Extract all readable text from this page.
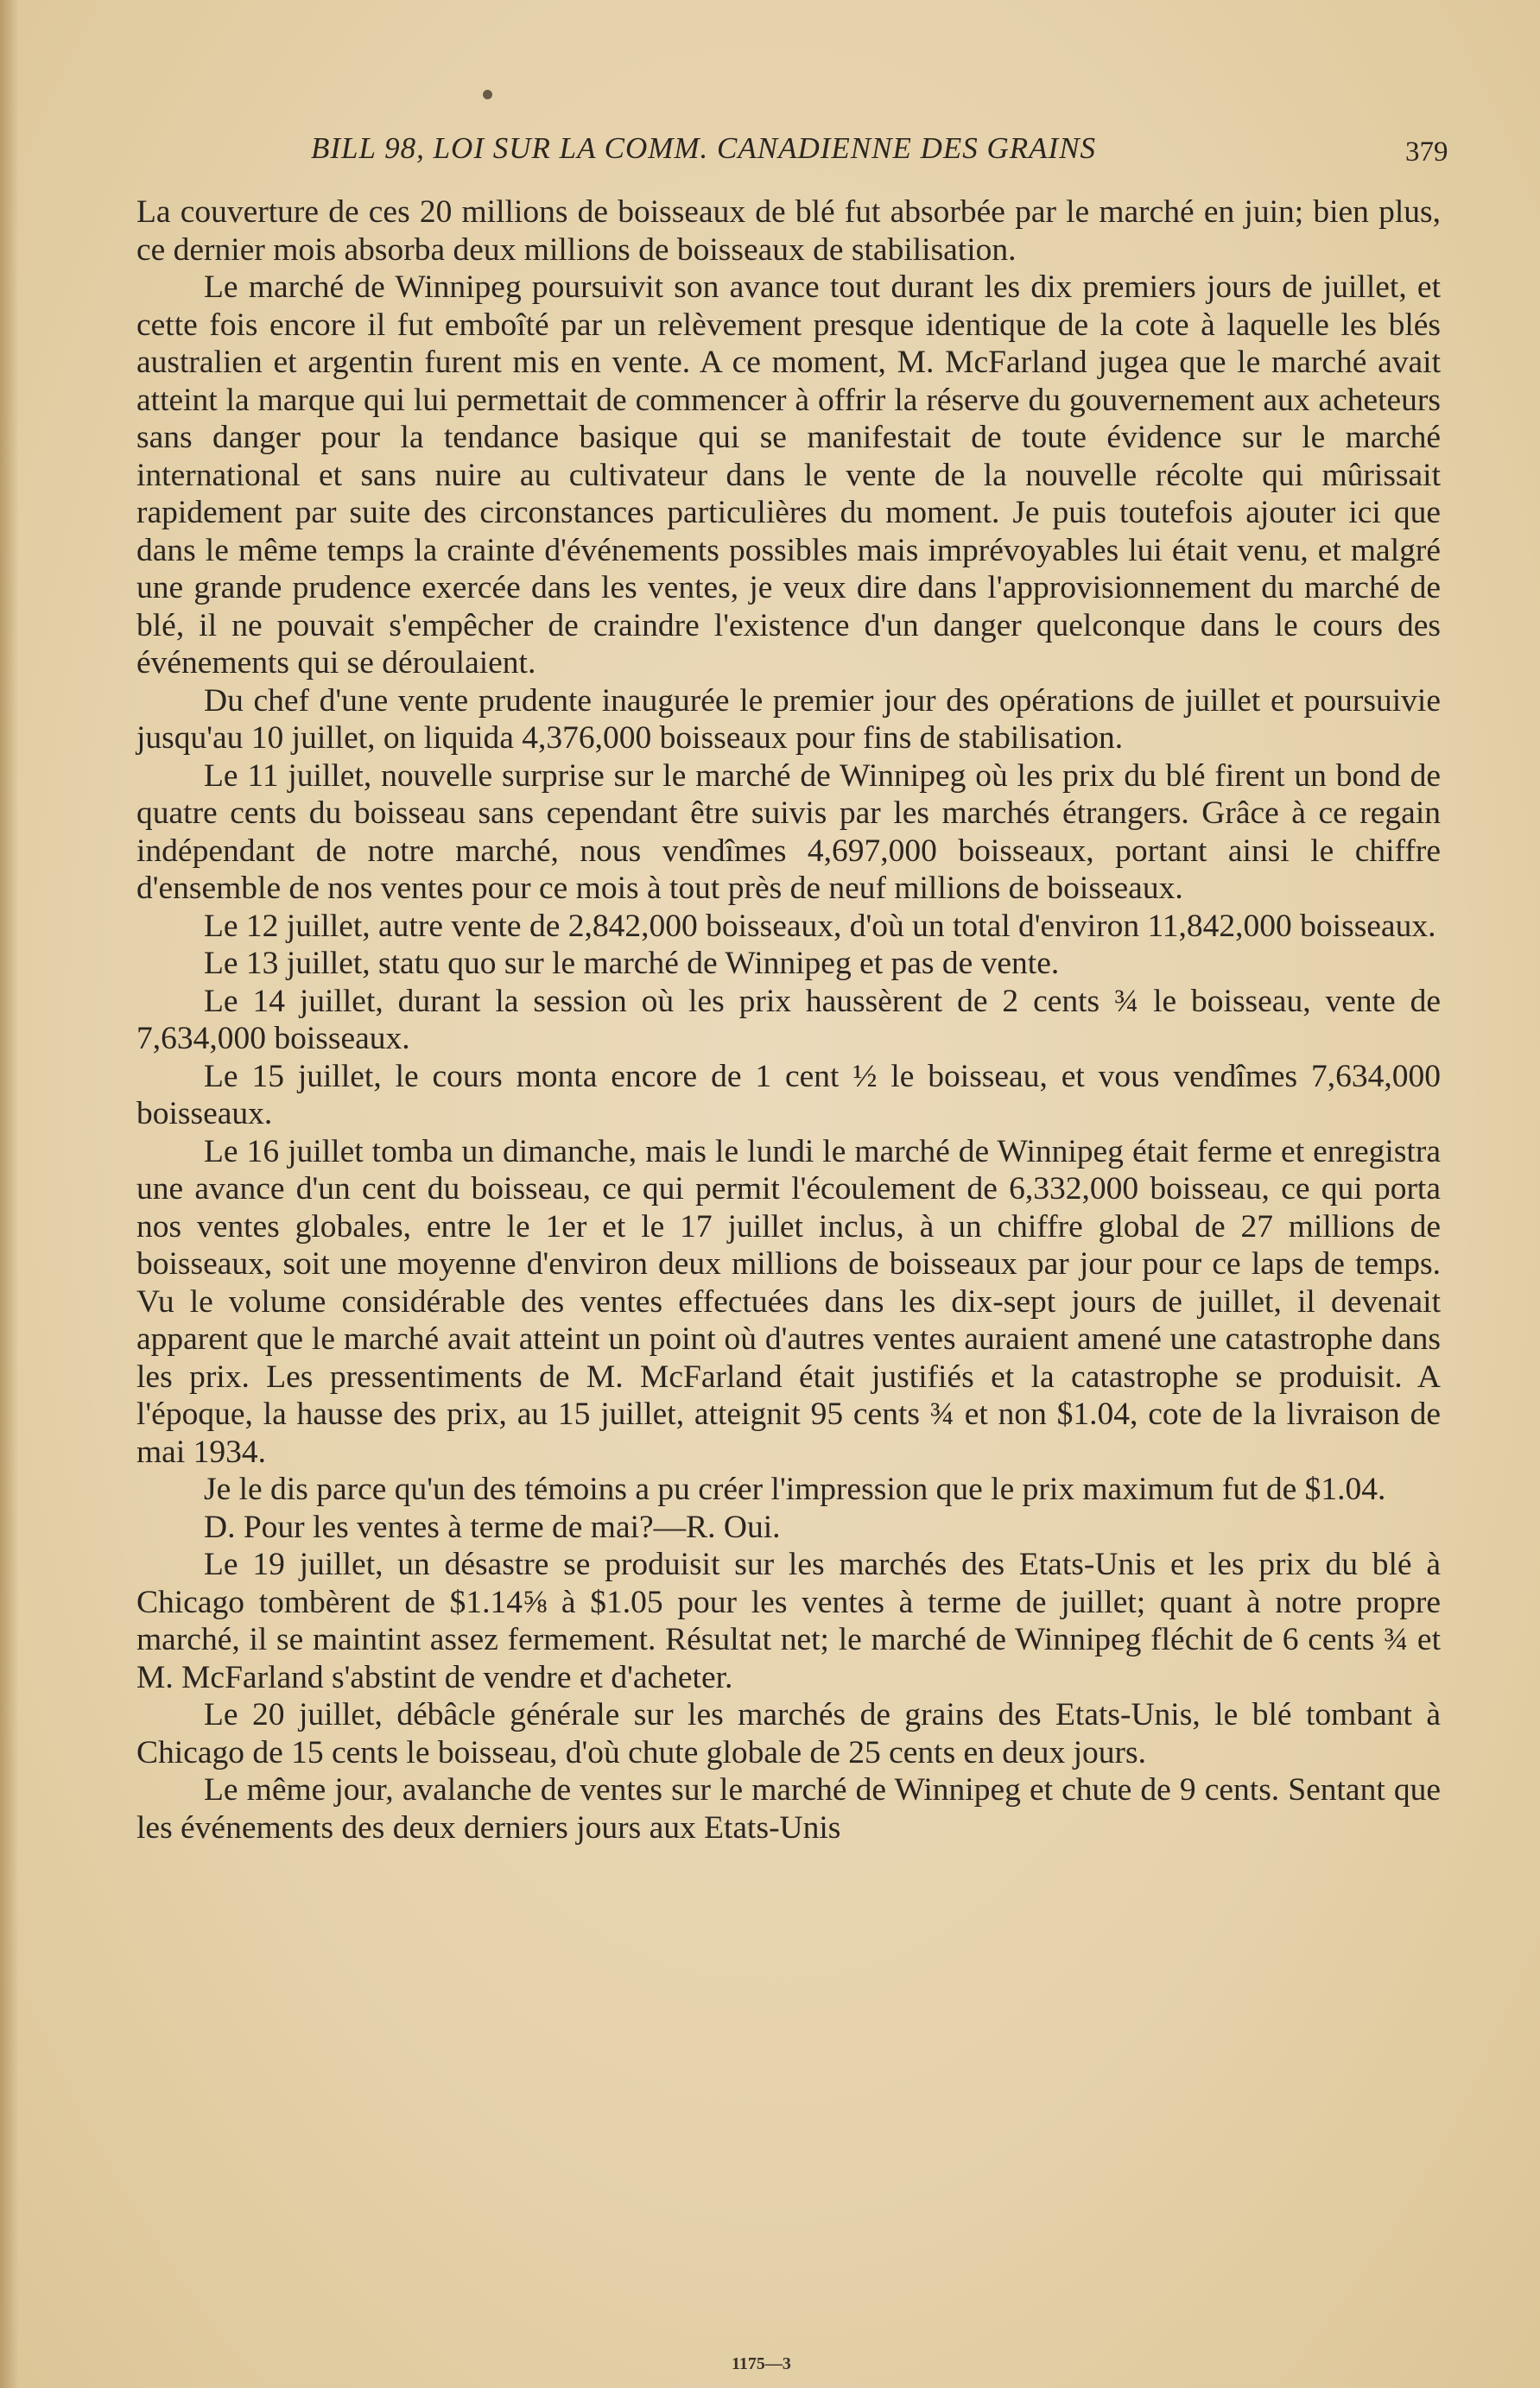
BILL 98, LOI SUR LA COMM. CANADIENNE DES GRAINS	379

La couverture de ces 20 millions de boisseaux de blé fut absorbée par le marché en juin; bien plus, ce dernier mois absorba deux millions de boisseaux de stabilisation.

Le marché de Winnipeg poursuivit son avance tout durant les dix premiers jours de juillet, et cette fois encore il fut emboîté par un relèvement presque identique de la cote à laquelle les blés australien et argentin furent mis en vente. A ce moment, M. McFarland jugea que le marché avait atteint la marque qui lui permettait de commencer à offrir la réserve du gouvernement aux acheteurs sans danger pour la tendance basique qui se manifestait de toute évidence sur le marché international et sans nuire au cultivateur dans le vente de la nouvelle récolte qui mûrissait rapidement par suite des circonstances particulières du moment. Je puis toutefois ajouter ici que dans le même temps la crainte d'événements possibles mais imprévoyables lui était venu, et malgré une grande prudence exercée dans les ventes, je veux dire dans l'approvisionnement du marché de blé, il ne pouvait s'empêcher de craindre l'existence d'un danger quelconque dans le cours des événements qui se déroulaient.

Du chef d'une vente prudente inaugurée le premier jour des opérations de juillet et poursuivie jusqu'au 10 juillet, on liquida 4,376,000 boisseaux pour fins de stabilisation.

Le 11 juillet, nouvelle surprise sur le marché de Winnipeg où les prix du blé firent un bond de quatre cents du boisseau sans cependant être suivis par les marchés étrangers. Grâce à ce regain indépendant de notre marché, nous vendîmes 4,697,000 boisseaux, portant ainsi le chiffre d'ensemble de nos ventes pour ce mois à tout près de neuf millions de boisseaux.

Le 12 juillet, autre vente de 2,842,000 boisseaux, d'où un total d'environ 11,842,000 boisseaux.

Le 13 juillet, statu quo sur le marché de Winnipeg et pas de vente.

Le 14 juillet, durant la session où les prix haussèrent de 2 cents ¾ le boisseau, vente de 7,634,000 boisseaux.

Le 15 juillet, le cours monta encore de 1 cent ½ le boisseau, et vous vendîmes 7,634,000 boisseaux.

Le 16 juillet tomba un dimanche, mais le lundi le marché de Winnipeg était ferme et enregistra une avance d'un cent du boisseau, ce qui permit l'écoulement de 6,332,000 boisseau, ce qui porta nos ventes globales, entre le 1er et le 17 juillet inclus, à un chiffre global de 27 millions de boisseaux, soit une moyenne d'environ deux millions de boisseaux par jour pour ce laps de temps. Vu le volume considérable des ventes effectuées dans les dix-sept jours de juillet, il devenait apparent que le marché avait atteint un point où d'autres ventes auraient amené une catastrophe dans les prix. Les pressentiments de M. McFarland était justifiés et la catastrophe se produisit. A l'époque, la hausse des prix, au 15 juillet, atteignit 95 cents ¾ et non $1.04, cote de la livraison de mai 1934.

Je le dis parce qu'un des témoins a pu créer l'impression que le prix maximum fut de $1.04.

D. Pour les ventes à terme de mai?—R. Oui.

Le 19 juillet, un désastre se produisit sur les marchés des Etats-Unis et les prix du blé à Chicago tombèrent de $1.14⅝ à $1.05 pour les ventes à terme de juillet; quant à notre propre marché, il se maintint assez fermement. Résultat net; le marché de Winnipeg fléchit de 6 cents ¾ et M. McFarland s'abstint de vendre et d'acheter.

Le 20 juillet, débâcle générale sur les marchés de grains des Etats-Unis, le blé tombant à Chicago de 15 cents le boisseau, d'où chute globale de 25 cents en deux jours.

Le même jour, avalanche de ventes sur le marché de Winnipeg et chute de 9 cents. Sentant que les événements des deux derniers jours aux Etats-Unis

1175—3
